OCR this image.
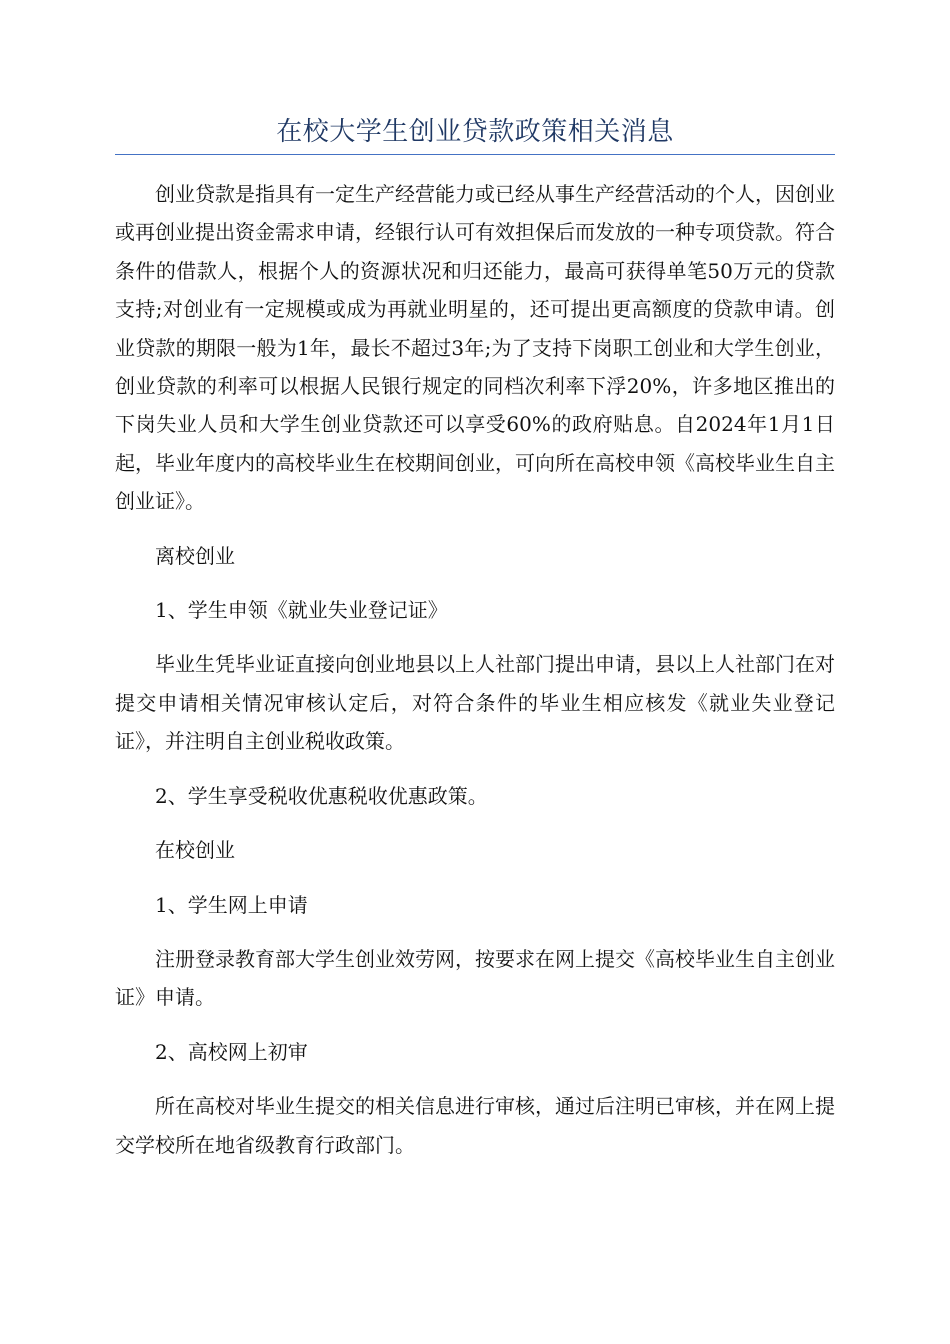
在校大学生创业贷款政策相关消息

创业贷款是指具有一定生产经营能力或已经从事生产经营活动的个人，因创业或再创业提出资金需求申请，经银行认可有效担保后而发放的一种专项贷款。符合条件的借款人，根据个人的资源状况和归还能力，最高可获得单笔50万元的贷款支持;对创业有一定规模或成为再就业明星的，还可提出更高额度的贷款申请。创业贷款的期限一般为1年，最长不超过3年;为了支持下岗职工创业和大学生创业，创业贷款的利率可以根据人民银行规定的同档次利率下浮20%，许多地区推出的下岗失业人员和大学生创业贷款还可以享受60%的政府贴息。自2024年1月1日起，毕业年度内的高校毕业生在校期间创业，可向所在高校申领《高校毕业生自主创业证》。

离校创业

1、学生申领《就业失业登记证》

毕业生凭毕业证直接向创业地县以上人社部门提出申请，县以上人社部门在对提交申请相关情况审核认定后，对符合条件的毕业生相应核发《就业失业登记证》，并注明自主创业税收政策。

2、学生享受税收优惠税收优惠政策。

在校创业

1、学生网上申请

注册登录教育部大学生创业效劳网，按要求在网上提交《高校毕业生自主创业证》申请。

2、高校网上初审

所在高校对毕业生提交的相关信息进行审核，通过后注明已审核，并在网上提交学校所在地省级教育行政部门。
